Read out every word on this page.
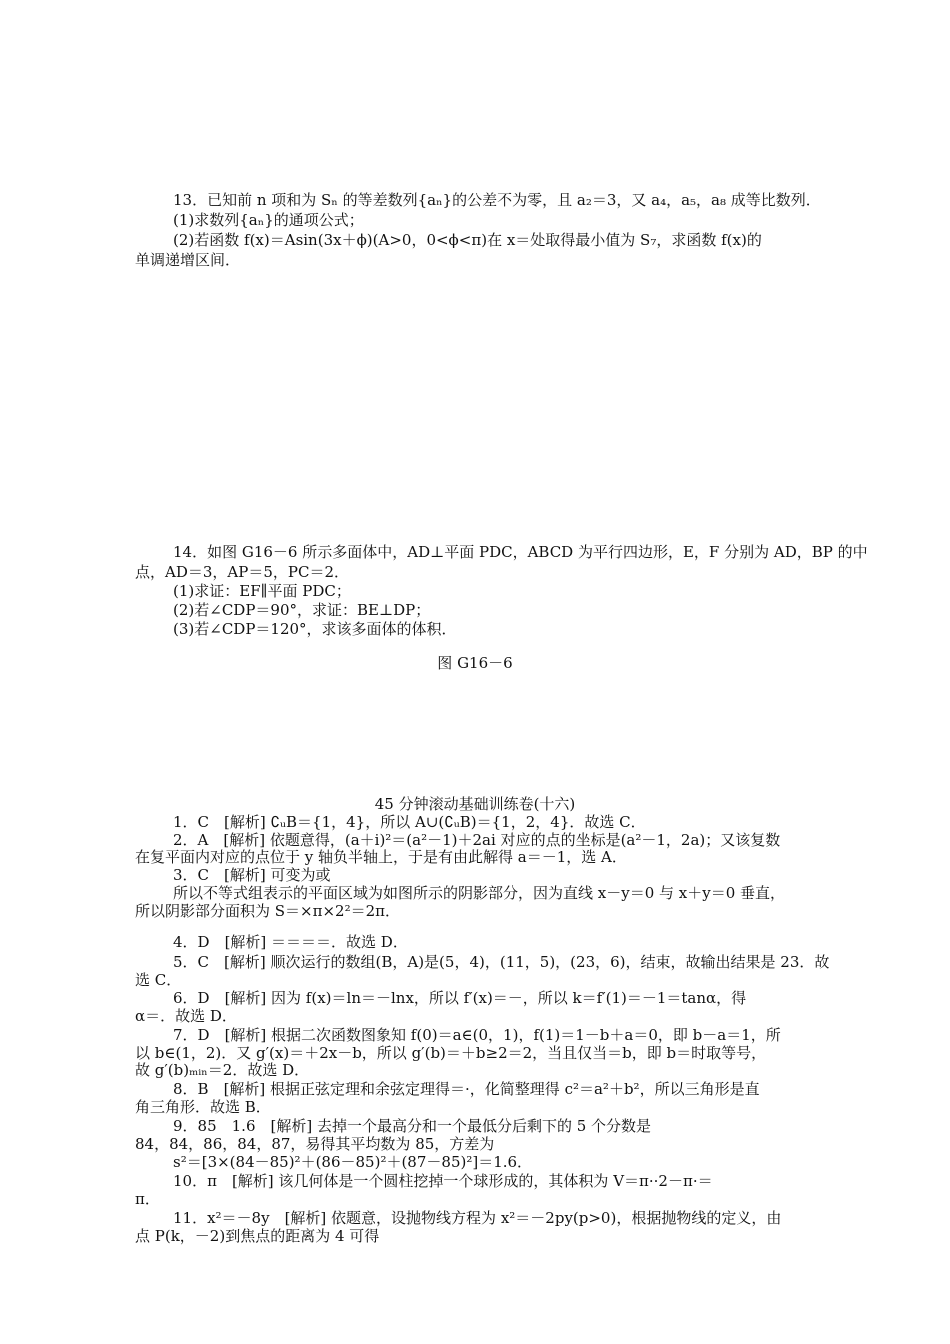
13．已知前 n 项和为 Sₙ 的等差数列{aₙ}的公差不为零，且 a₂＝3，又 a₄，a₅，a₈ 成等比数列．
(1)求数列{aₙ}的通项公式；
(2)若函数 f(x)＝Asin(3x＋ϕ)(A>0，0<ϕ<π)在 x＝处取得最小值为 S₇，求函数 f(x)的
单调递增区间．
14．如图 G16－6 所示多面体中，AD⊥平面 PDC，ABCD 为平行四边形，E，F 分别为 AD，BP 的中
点，AD＝3，AP＝5，PC＝2．
(1)求证：EF∥平面 PDC；
(2)若∠CDP＝90°，求证：BE⊥DP；
(3)若∠CDP＝120°，求该多面体的体积．
图 G16－6
45 分钟滚动基础训练卷(十六)
1．C　[解析] ∁ᵤB＝{1，4}，所以 A∪(∁ᵤB)＝{1，2，4}．故选 C．
2．A　[解析] 依题意得，(a＋i)²＝(a²－1)＋2ai 对应的点的坐标是(a²－1，2a)；又该复数
在复平面内对应的点位于 y 轴负半轴上，于是有由此解得 a＝－1，选 A．
3．C　[解析] 可变为或
所以不等式组表示的平面区域为如图所示的阴影部分，因为直线 x－y＝0 与 x＋y＝0 垂直，
所以阴影部分面积为 S＝×π×2²＝2π．
4．D　[解析] ＝＝＝＝．故选 D．
5．C　[解析] 顺次运行的数组(B，A)是(5，4)，(11，5)，(23，6)，结束，故输出结果是 23．故
选 C．
6．D　[解析] 因为 f(x)＝ln＝－lnx，所以 f′(x)＝－，所以 k＝f′(1)＝－1＝tanα，得
α＝．故选 D．
7．D　[解析] 根据二次函数图象知 f(0)＝a∈(0，1)，f(1)＝1－b＋a＝0，即 b－a＝1，所
以 b∈(1，2)．又 g′(x)＝＋2x－b，所以 g′(b)＝＋b≥2＝2，当且仅当＝b，即 b＝时取等号，
故 g′(b)ₘᵢₙ＝2．故选 D．
8．B　[解析] 根据正弦定理和余弦定理得＝·，化简整理得 c²＝a²＋b²，所以三角形是直
角三角形．故选 B．
9．85　1.6　[解析] 去掉一个最高分和一个最低分后剩下的 5 个分数是
84，84，86，84，87，易得其平均数为 85，方差为
s²＝[3×(84－85)²＋(86－85)²＋(87－85)²]＝1.6．
10．π　[解析] 该几何体是一个圆柱挖掉一个球形成的，其体积为 V＝π··2－π·＝
π．
11．x²＝－8y　[解析] 依题意，设抛物线方程为 x²＝－2py(p>0)，根据抛物线的定义，由
点 P(k，－2)到焦点的距离为 4 可得
